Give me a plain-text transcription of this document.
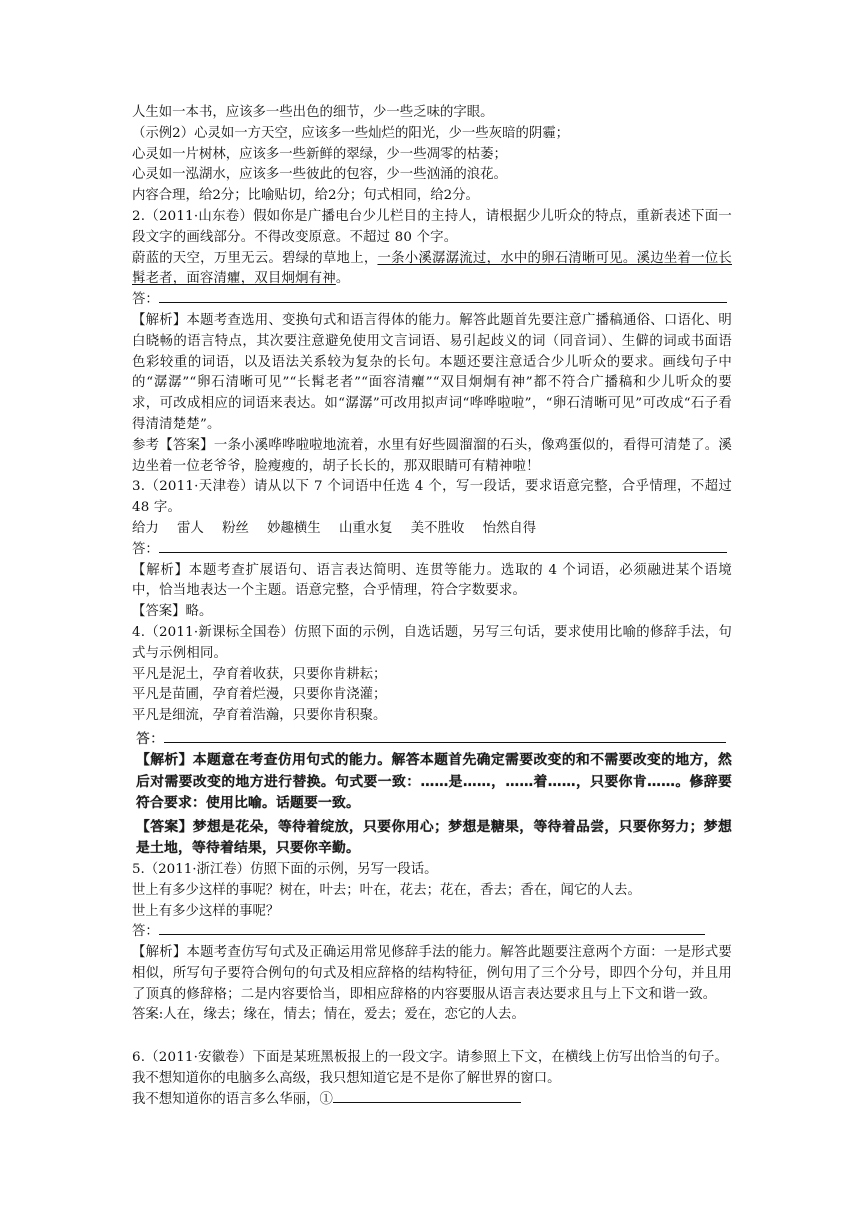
人生如一本书，应该多一些出色的细节，少一些乏味的字眼。
（示例2）心灵如一方天空，应该多一些灿烂的阳光，少一些灰暗的阴霾；
心灵如一片树林，应该多一些新鲜的翠绿，少一些凋零的枯萎；
心灵如一泓湖水，应该多一些彼此的包容，少一些汹涌的浪花。
内容合理，给2分；比喻贴切，给2分；句式相同，给2分。
2.（2011·山东卷）假如你是广播电台少儿栏目的主持人，请根据少儿听众的特点，重新表述下面一段文字的画线部分。不得改变原意。不超过 80 个字。
蔚蓝的天空，万里无云。碧绿的草地上，一条小溪潺潺流过，水中的卵石清晰可见。溪边坐着一位长髯老者，面容清癯，双目炯炯有神。
答：
【解析】本题考查选用、变换句式和语言得体的能力。解答此题首先要注意广播稿通俗、口语化、明白晓畅的语言特点，其次要注意避免使用文言词语、易引起歧义的词（同音词）、生僻的词或书面语色彩较重的词语，以及语法关系较为复杂的长句。本题还要注意适合少儿听众的要求。画线句子中的“潺潺”“卵石清晰可见”“长髯老者”“面容清癯”“双目炯炯有神”都不符合广播稿和少儿听众的要求，可改成相应的词语来表达。如“潺潺”可改用拟声词“哗哗啦啦”，“卵石清晰可见”可改成“石子看得清清楚楚”。
参考【答案】一条小溪哗哗啦啦地流着，水里有好些圆溜溜的石头，像鸡蛋似的，看得可清楚了。溪边坐着一位老爷爷，脸瘦瘦的，胡子长长的，那双眼睛可有精神啦！
3.（2011·天津卷）请从以下 7 个词语中任选 4 个，写一段话，要求语意完整，合乎情理，不超过 48 字。
给力 雷人 粉丝 妙趣横生 山重水复 美不胜收 怡然自得
答：
【解析】本题考查扩展语句、语言表达简明、连贯等能力。选取的 4 个词语，必须融进某个语境中，恰当地表达一个主题。语意完整，合乎情理，符合字数要求。
【答案】略。
4.（2011·新课标全国卷）仿照下面的示例，自选话题，另写三句话，要求使用比喻的修辞手法，句式与示例相同。
平凡是泥土，孕育着收获，只要你肯耕耘；
平凡是苗圃，孕育着烂漫，只要你肯浇灌；
平凡是细流，孕育着浩瀚，只要你肯积聚。
答：
【解析】本题意在考查仿用句式的能力。解答本题首先确定需要改变的和不需要改变的地方，然后对需要改变的地方进行替换。句式要一致：……是……，……着……，只要你肯……。修辞要符合要求：使用比喻。话题要一致。
【答案】梦想是花朵，等待着绽放，只要你用心；梦想是糖果，等待着品尝，只要你努力；梦想是土地，等待着结果，只要你辛勤。
5.（2011·浙江卷）仿照下面的示例，另写一段话。
世上有多少这样的事呢？树在，叶去；叶在，花去；花在，香去；香在，闻它的人去。
世上有多少这样的事呢？
答：
【解析】本题考查仿写句式及正确运用常见修辞手法的能力。解答此题要注意两个方面：一是形式要相似，所写句子要符合例句的句式及相应辞格的结构特征，例句用了三个分号，即四个分句，并且用了顶真的修辞格；二是内容要恰当，即相应辞格的内容要服从语言表达要求且与上下文和谐一致。
答案:人在，缘去；缘在，情去；情在，爱去；爱在，恋它的人去。
6.（2011·安徽卷）下面是某班黑板报上的一段文字。请参照上下文，在横线上仿写出恰当的句子。
我不想知道你的电脑多么高级，我只想知道它是不是你了解世界的窗口。
我不想知道你的语言多么华丽，①
